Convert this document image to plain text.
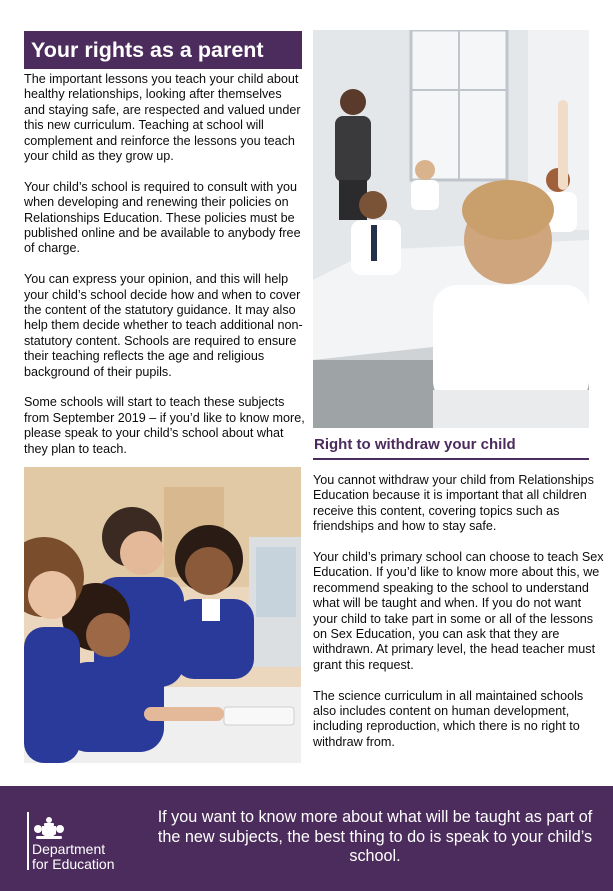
Your rights as a parent

The important lessons you teach your child about healthy relationships, looking after themselves and staying safe, are respected and valued under this new curriculum. Teaching at school will complement and reinforce the lessons you teach your child as they grow up.

Your child’s school is required to consult with you when developing and renewing their policies on Relationships Education. These policies must be published online and be available to anybody free of charge.

You can express your opinion, and this will help your child’s school decide how and when to cover the content of the statutory guidance. It may also help them decide whether to teach additional non-statutory content. Schools are required to ensure their teaching reflects the age and religious background of their pupils.

Some schools will start to teach these subjects from September 2019 – if you’d like to know more, please speak to your child’s school about what they plan to teach.	Right to withdraw your child

You cannot withdraw your child from Relationships Education because it is important that all children receive this content, covering topics such as friendships and how to stay safe.

Your child’s primary school can choose to teach Sex Education. If you’d like to know more about this, we recommend speaking to the school to understand what will be taught and when. If you do not want your child to take part in some or all of the lessons on Sex Education, you can ask that they are withdrawn. At primary level, the head teacher must grant this request.

The science curriculum in all maintained schools also includes content on human development, including reproduction, which there is no right to withdraw from.

Department
for Education
If you want to know more about what will be taught as part of the new subjects, the best thing to do is speak to your child’s school.
